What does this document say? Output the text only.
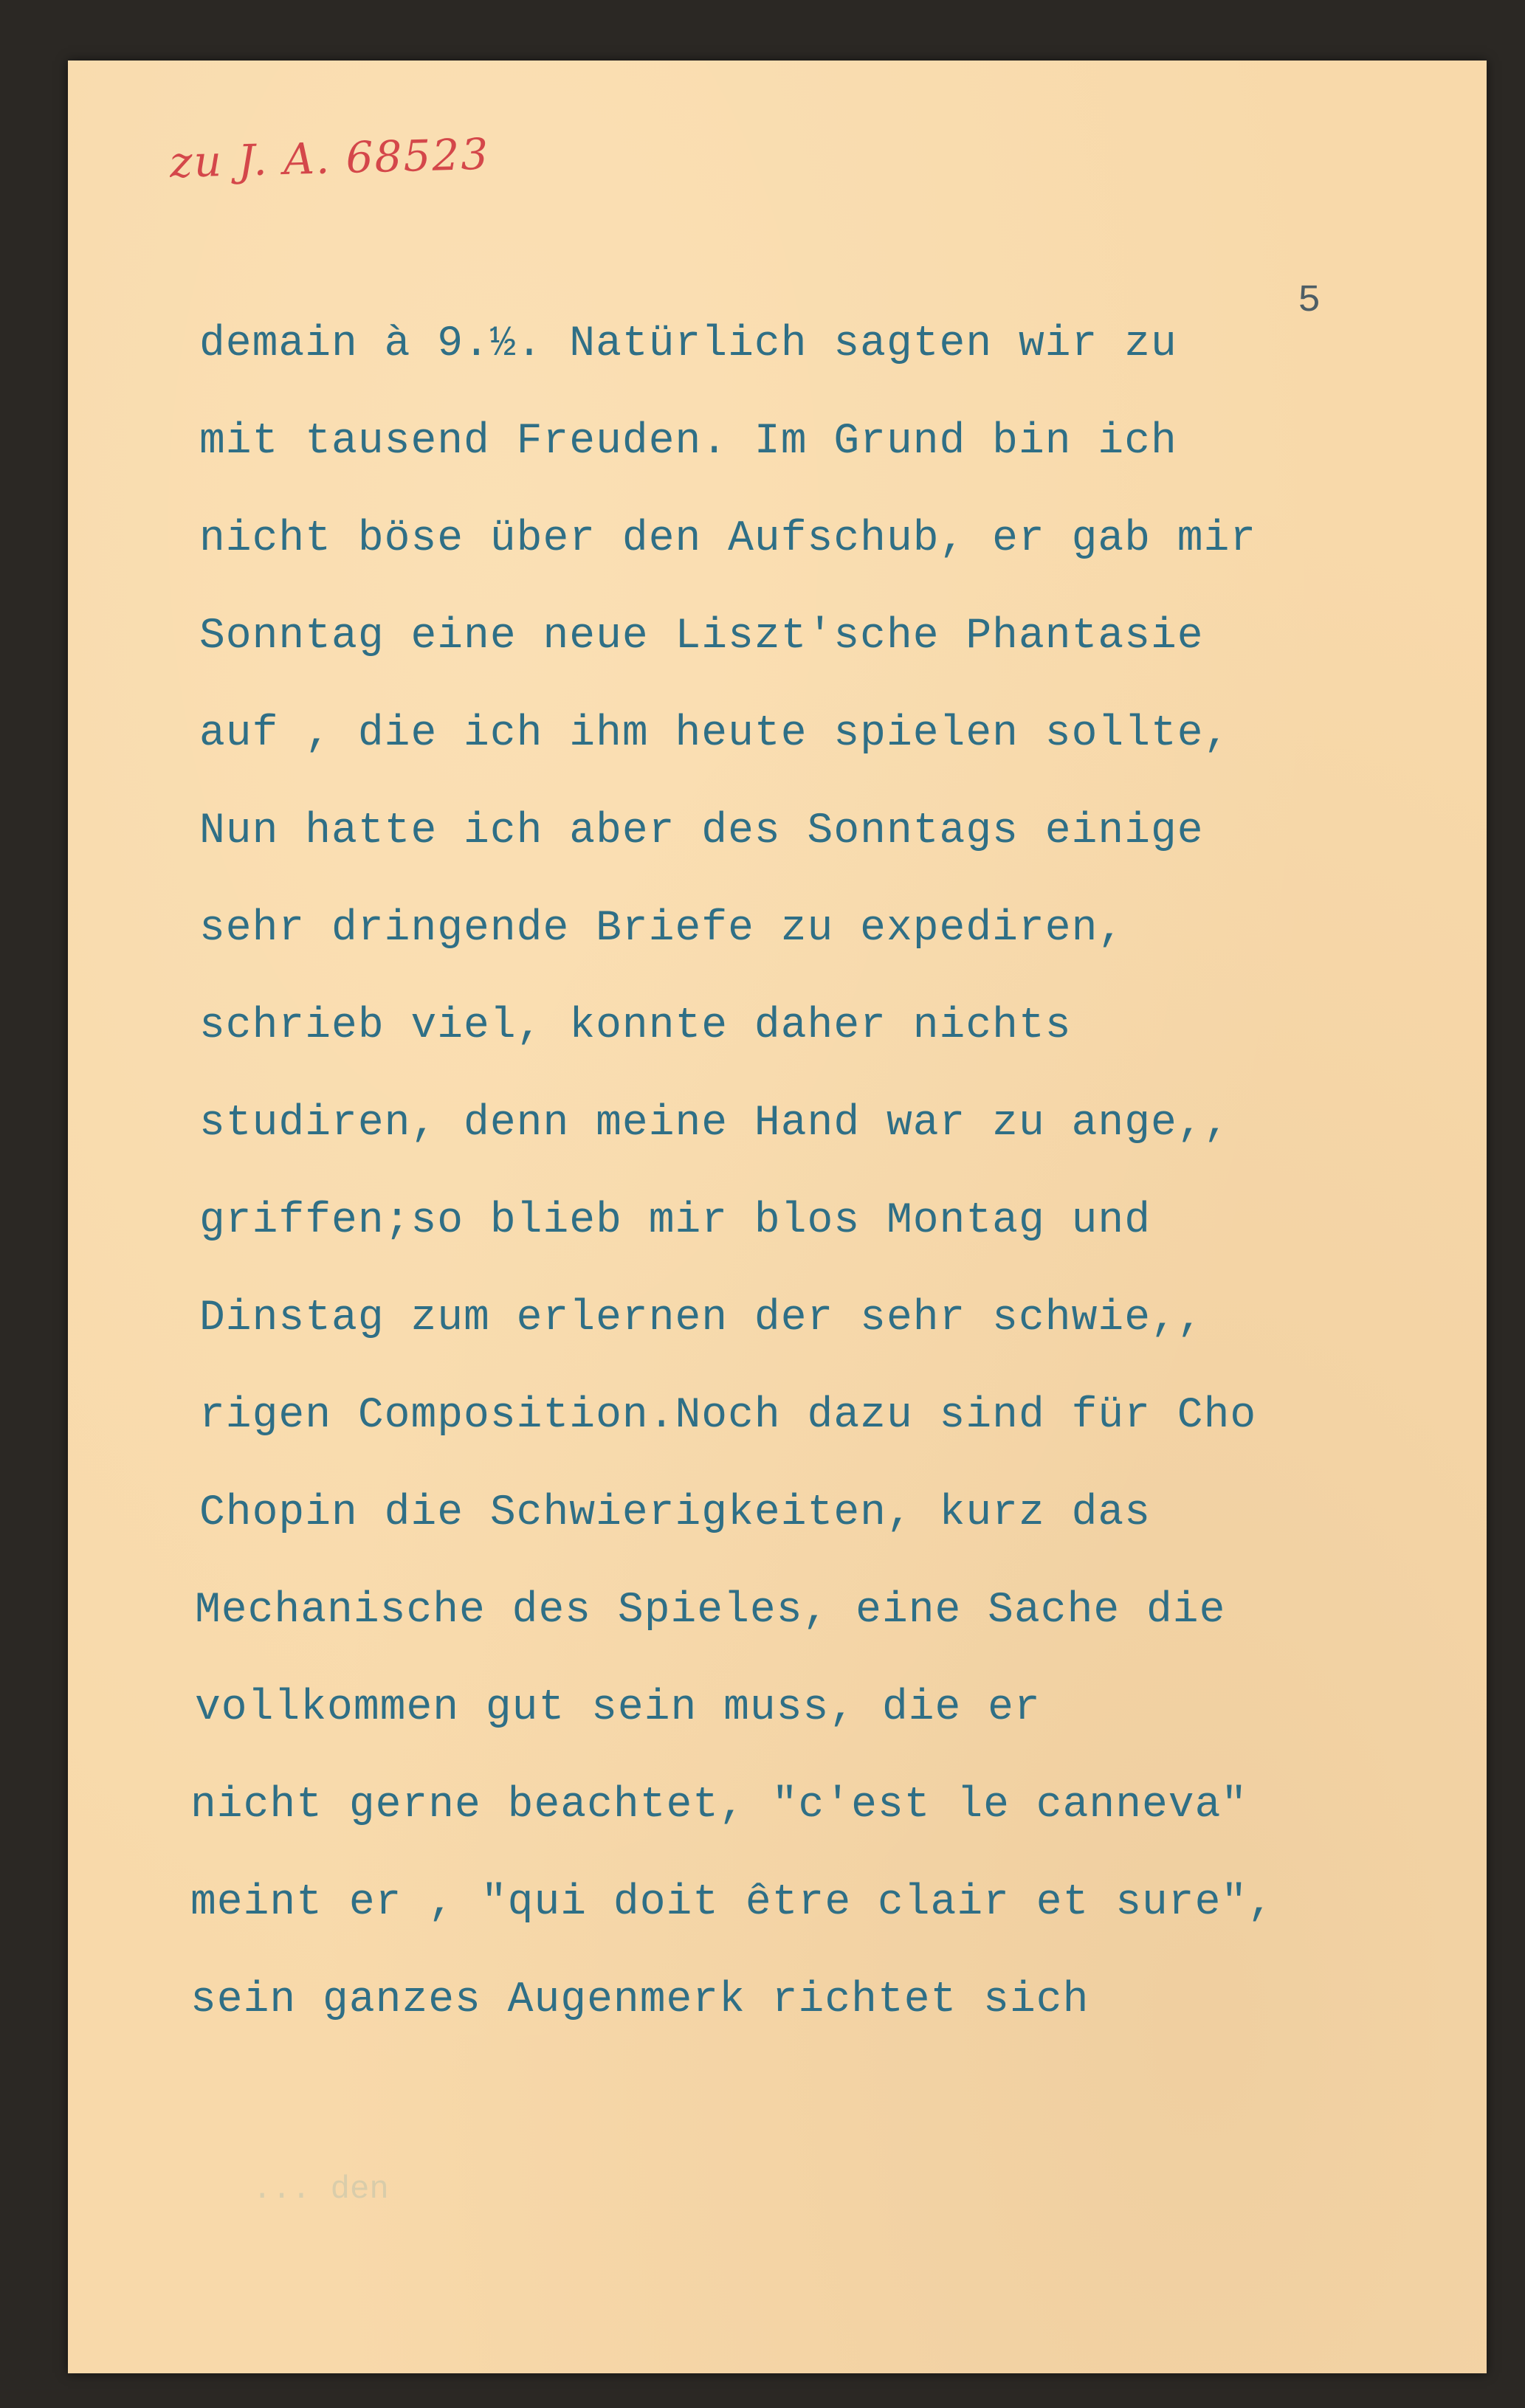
zu J. A. 68523
5
demain à 9.½. Natürlich sagten wir zu
mit tausend Freuden. Im Grund bin ich
nicht böse über den Aufschub, er gab mir
Sonntag eine neue Liszt'sche Phantasie
auf , die ich ihm heute spielen sollte,
Nun hatte ich aber des Sonntags einige
sehr dringende Briefe zu expediren,
schrieb viel, konnte daher nichts
studiren, denn meine Hand war zu ange,,
griffen;so blieb mir blos Montag und
Dinstag zum erlernen der sehr schwie,,
rigen Composition.Noch dazu sind für Cho
Chopin die Schwierigkeiten, kurz das
Mechanische des Spieles, eine Sache die
vollkommen gut sein muss, die er
nicht gerne beachtet, "c'est le canneva"
meint er , "qui doit être clair et sure",
sein ganzes Augenmerk richtet sich
... den
